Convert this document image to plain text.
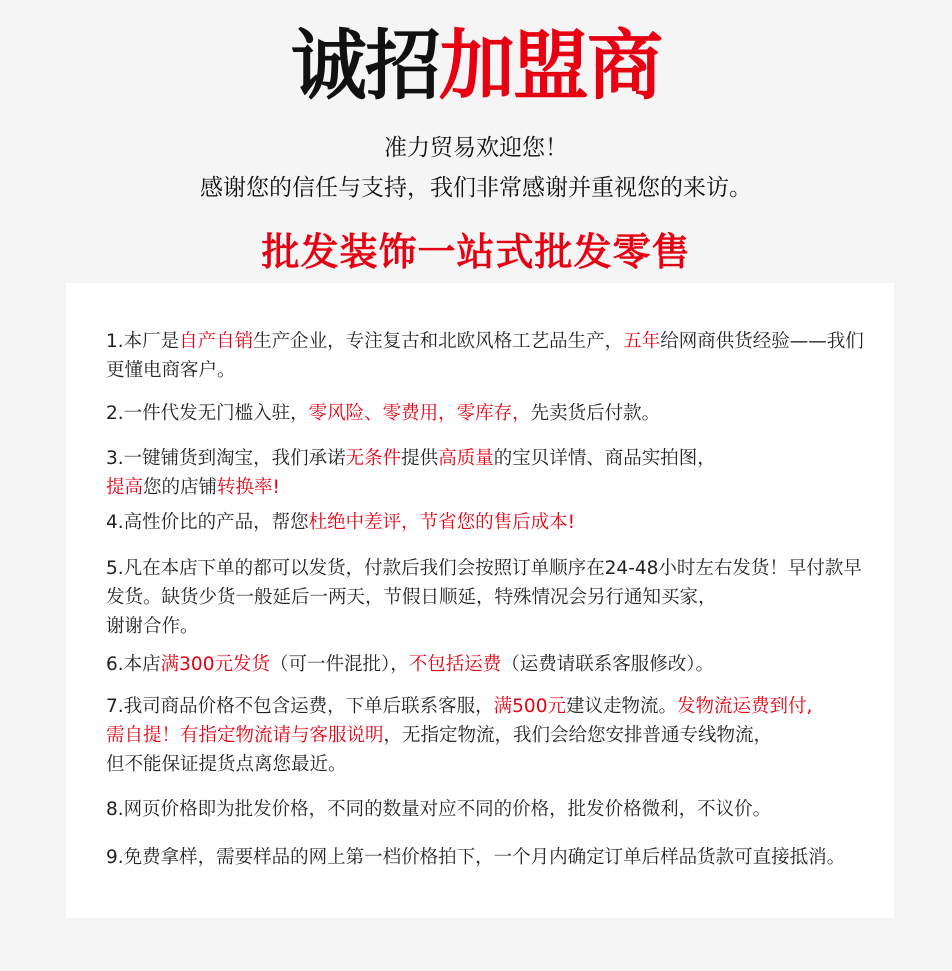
诚招加盟商
准力贸易欢迎您！
感谢您的信任与支持，我们非常感谢并重视您的来访。
批发装饰一站式批发零售
1.本厂是自产自销生产企业，专注复古和北欧风格工艺品生产，五年给网商供货经验——我们更懂电商客户。
2.一件代发无门槛入驻，零风险、零费用，零库存，先卖货后付款。
3.一键铺货到淘宝，我们承诺无条件提供高质量的宝贝详情、商品实拍图，
提高您的店铺转换率!
4.高性价比的产品，帮您杜绝中差评，节省您的售后成本!
5.凡在本店下单的都可以发货，付款后我们会按照订单顺序在24-48小时左右发货！早付款早发货。缺货少货一般延后一两天，节假日顺延，特殊情况会另行通知买家，
谢谢合作。
6.本店满300元发货（可一件混批），不包括运费（运费请联系客服修改）。
7.我司商品价格不包含运费，下单后联系客服，满500元建议走物流。发物流运费到付,
需自提！有指定物流请与客服说明，无指定物流，我们会给您安排普通专线物流，
但不能保证提货点离您最近。
8.网页价格即为批发价格，不同的数量对应不同的价格，批发价格微利，不议价。
9.免费拿样，需要样品的网上第一档价格拍下，一个月内确定订单后样品货款可直接抵消。
